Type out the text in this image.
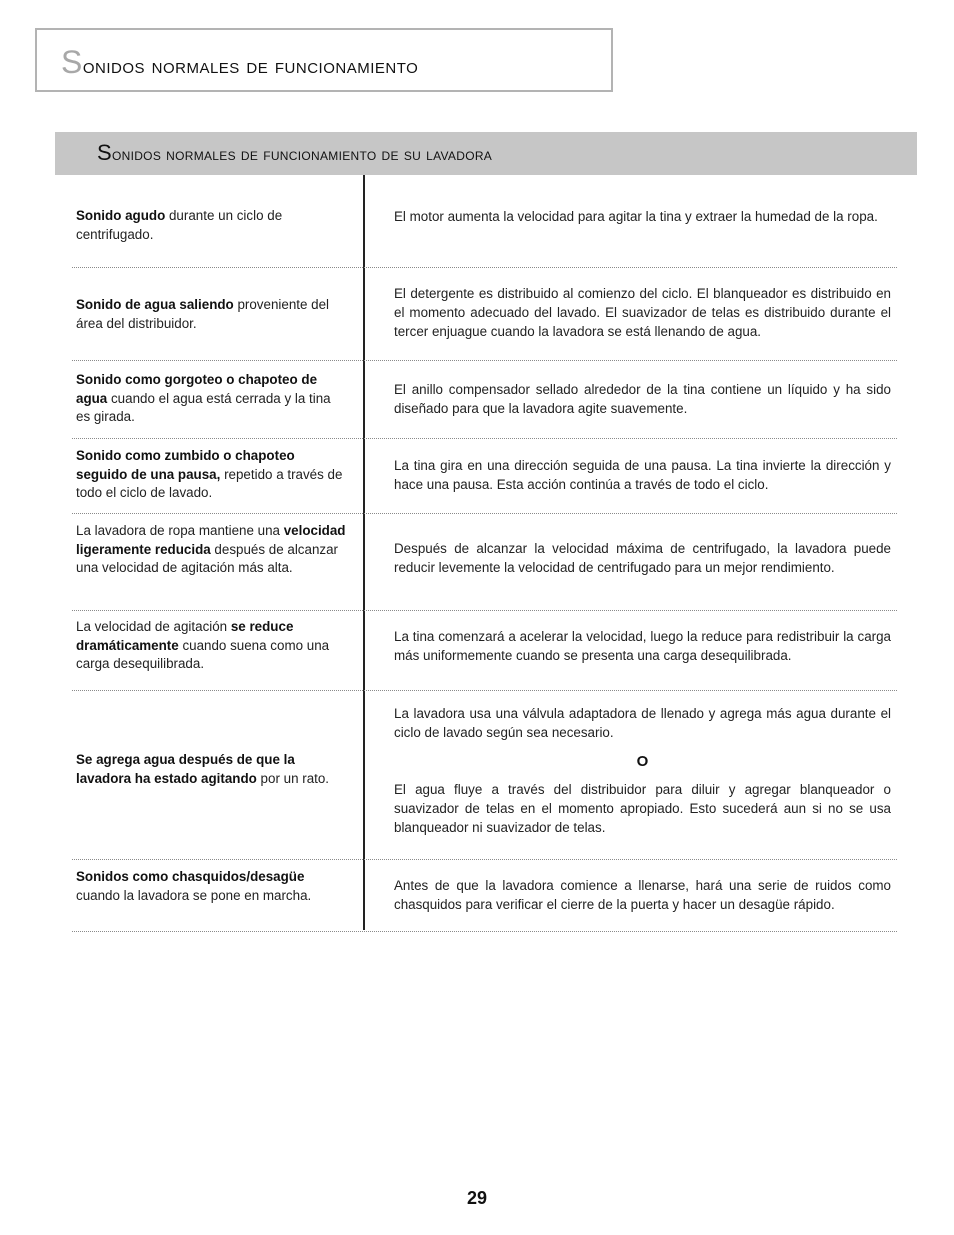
Sonidos normales de funcionamiento
Sonidos normales de funcionamiento de su lavadora
Sonido agudo durante un ciclo de centrifugado.

El motor aumenta la velocidad para agitar la tina y extraer la humedad de la ropa.

Sonido de agua saliendo proveniente del área del distribuidor.

El detergente es distribuido al comienzo del ciclo. El blanqueador es distribuido en el momento adecuado del lavado. El suavizador de telas es distribuido durante el tercer enjuague cuando la lavadora se está llenando de agua.

Sonido como gorgoteo o chapoteo de agua cuando el agua está cerrada y la tina es girada.

El anillo compensador sellado alrededor de la tina contiene un líquido y ha sido diseñado para que la lavadora agite suavemente.

Sonido como zumbido o chapoteo seguido de una pausa, repetido a través de todo el ciclo de lavado.

La tina gira en una dirección seguida de una pausa. La tina invierte la dirección y hace una pausa. Esta acción continúa a través de todo el ciclo.

La lavadora de ropa mantiene una velocidad ligeramente reducida después de alcanzar una velocidad de agitación más alta.

Después de alcanzar la velocidad máxima de centrifugado, la lavadora puede reducir levemente la velocidad de centrifugado para un mejor rendimiento.

La velocidad de agitación se reduce dramáticamente cuando suena como una carga desequilibrada.

La tina comenzará a acelerar la velocidad, luego la reduce para redistribuir la carga más uniformemente cuando se presenta una carga desequilibrada.

Se agrega agua después de que la lavadora ha estado agitando por un rato.

La lavadora usa una válvula adaptadora de llenado y agrega más agua durante el ciclo de lavado según sea necesario.

O

El agua fluye a través del distribuidor para diluir y agregar blanqueador o suavizador de telas en el momento apropiado. Esto sucederá aun si no se usa blanqueador ni suavizador de telas.

Sonidos como chasquidos/desagüe cuando la lavadora se pone en marcha.

Antes de que la lavadora comience a llenarse, hará una serie de ruidos como chasquidos para verificar el cierre de la puerta y hacer un desagüe rápido.

29
